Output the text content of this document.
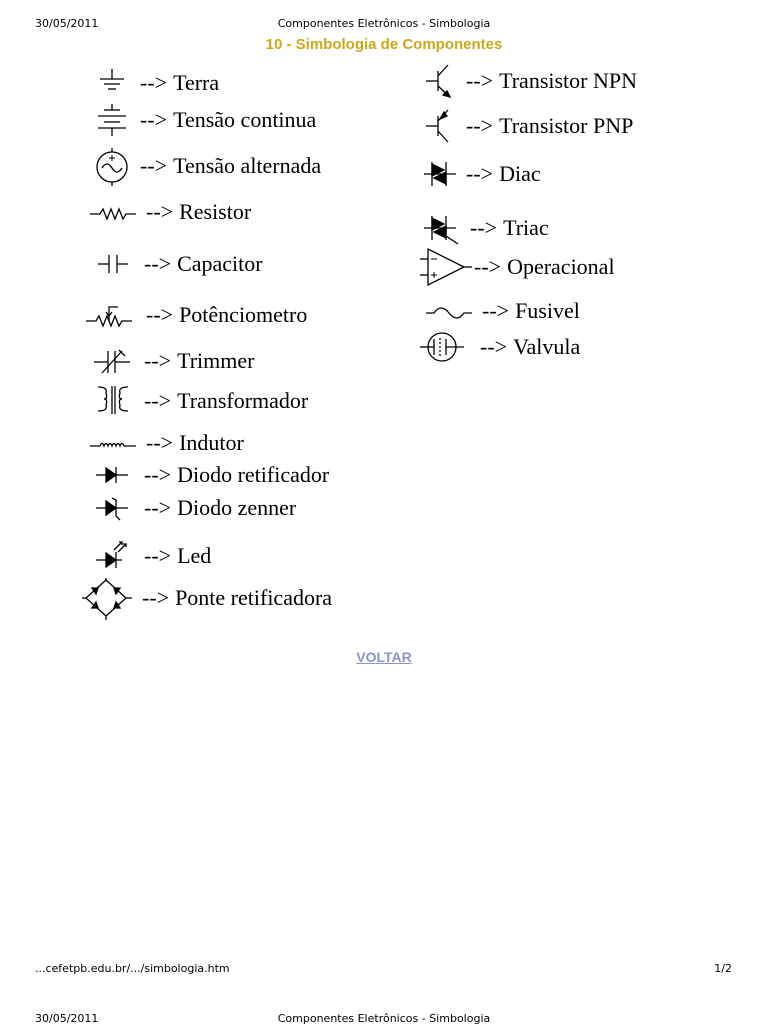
30/05/2011	Componentes Eletrônicos - Simbologia
10 - Simbologia de Componentes
--> Terra
--> Tensão continua
--> Tensão alternada
--> Resistor
--> Capacitor
--> Potênciometro
--> Trimmer
--> Transformador
--> Indutor
--> Diodo retificador
--> Diodo zenner
--> Led
--> Ponte retificadora
--> Transistor NPN
--> Transistor PNP
--> Diac
--> Triac
--> Operacional
--> Fusivel
--> Valvula
VOLTAR
...cefetpb.edu.br/.../simbologia.htm	1/2
30/05/2011	Componentes Eletrônicos - Simbologia
